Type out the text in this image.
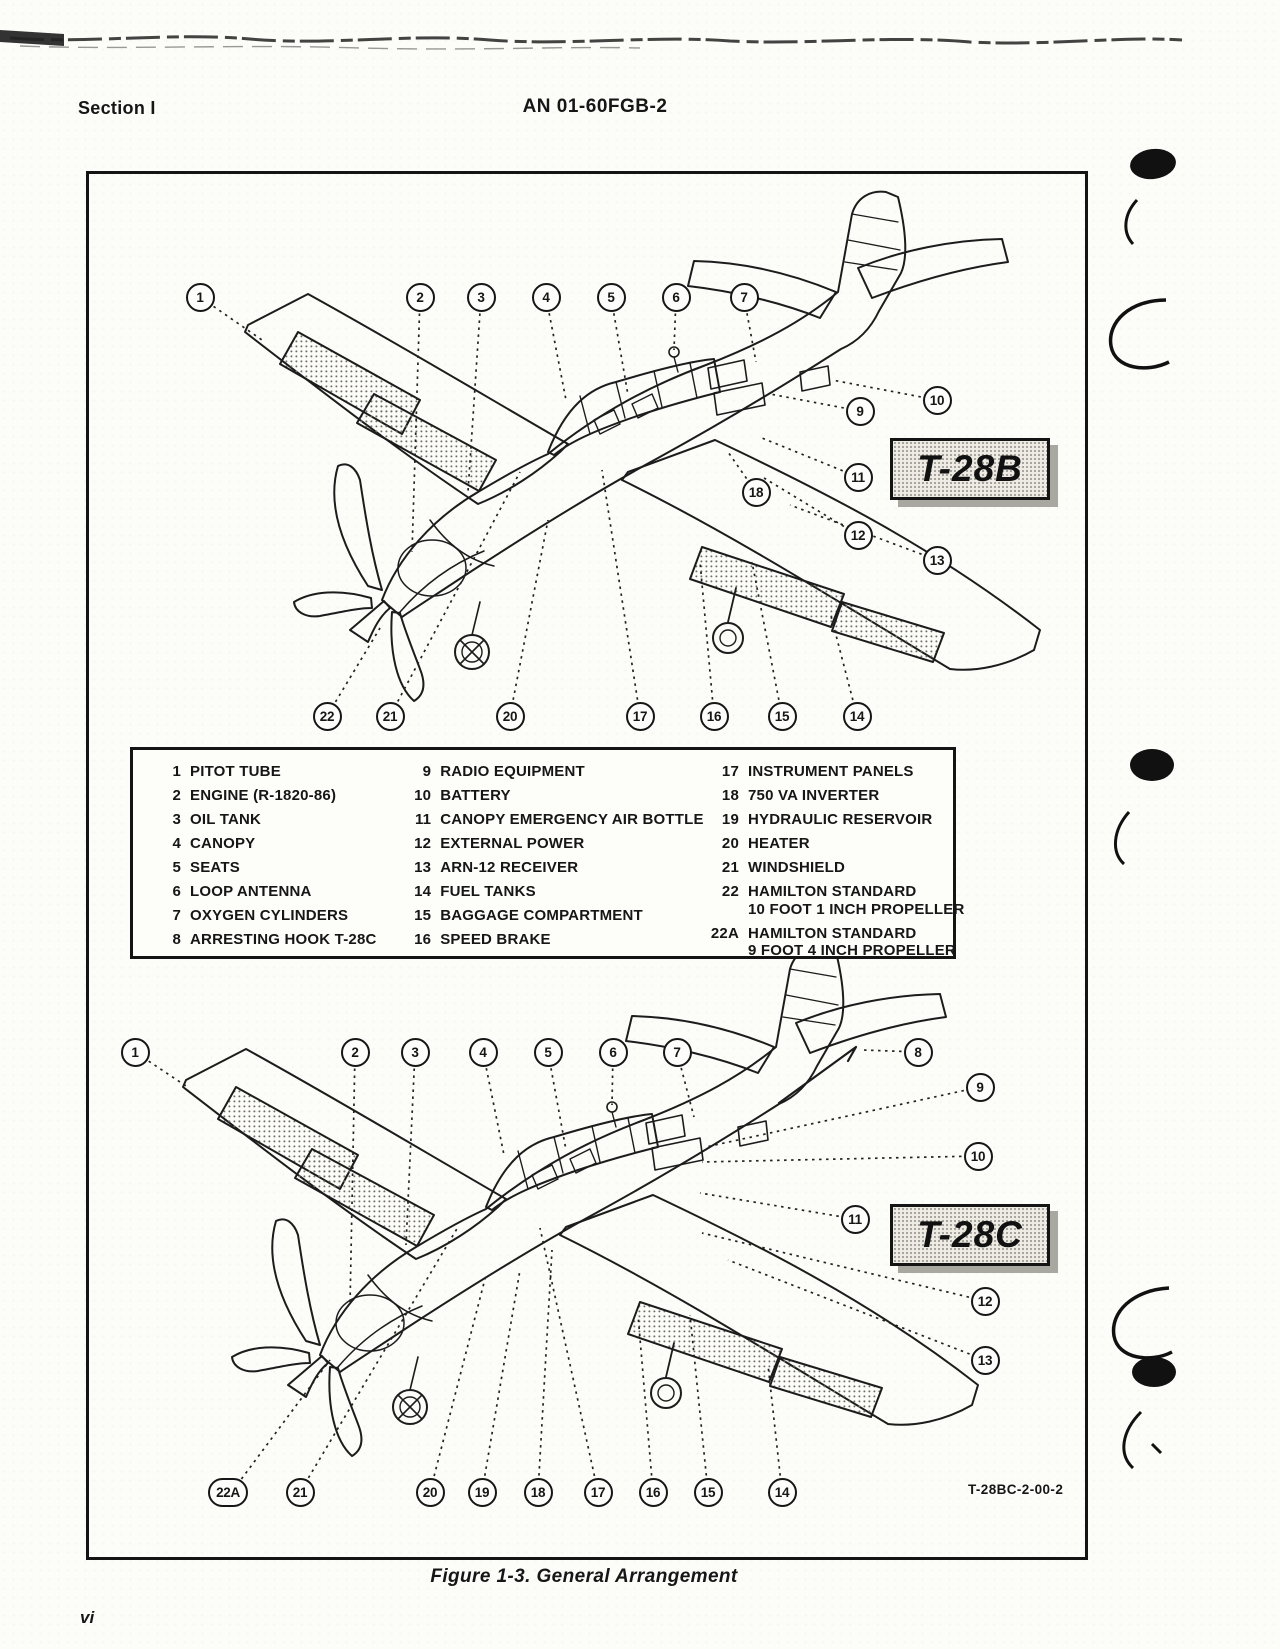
Section I	AN 01-60FGB-2
T-28B
T-28C
1 PITOT TUBE
2 ENGINE (R-1820-86)
3 OIL TANK
4 CANOPY
5 SEATS
6 LOOP ANTENNA
7 OXYGEN CYLINDERS
8 ARRESTING HOOK T-28C
9 RADIO EQUIPMENT
10 BATTERY
11 CANOPY EMERGENCY AIR BOTTLE
12 EXTERNAL POWER
13 ARN-12 RECEIVER
14 FUEL TANKS
15 BAGGAGE COMPARTMENT
16 SPEED BRAKE
17 INSTRUMENT PANELS
18 750 VA INVERTER
19 HYDRAULIC RESERVOIR
20 HEATER
21 WINDSHIELD
22 HAMILTON STANDARD
10 FOOT 1 INCH PROPELLER
22A HAMILTON STANDARD
9 FOOT 4 INCH PROPELLER
T-28BC-2-00-2
Figure 1-3. General Arrangement
vi
1	2	3	4	5	6	7
10
9
11
18
12
13
22	21	20	17	16	15	14
1	2	3	4	5	6	7	8
9
10
11
12
13
22A	21	20	19	18	17	16	15	14
